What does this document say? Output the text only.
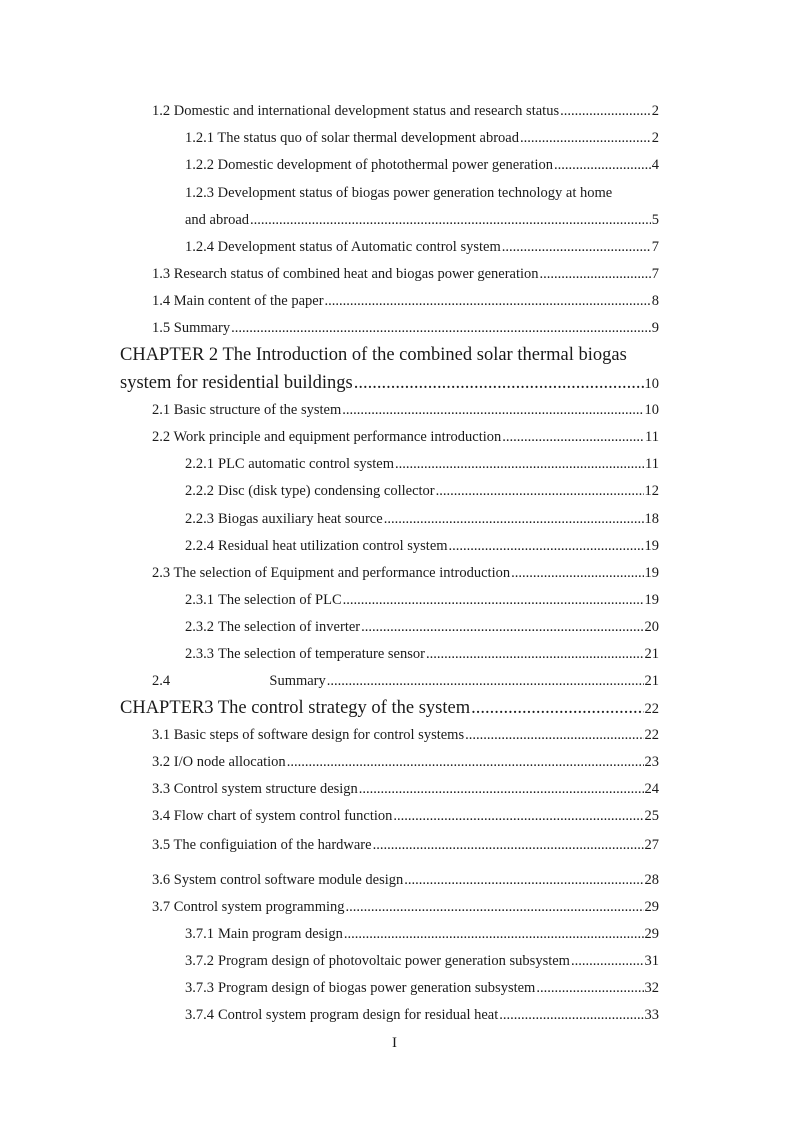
1.2 Domestic and international development status and research status .....	2
1.2.1 The status quo of solar thermal development abroad .....	2
1.2.2 Domestic development of photothermal power generation .....	4
1.2.3 Development status of biogas power generation technology at home
and abroad .....	5
1.2.4 Development status of Automatic control system .....	7
1.3 Research status of combined heat and biogas power generation .....	7
1.4 Main content of the paper .....	8
1.5 Summary .....	9
CHAPTER 2 The Introduction of the combined solar thermal biogas
system for residential buildings .....	10
2.1 Basic structure of the system .....	10
2.2 Work principle and equipment performance introduction .....	11
2.2.1 PLC automatic control system .....	11
2.2.2 Disc (disk type) condensing collector .....	12
2.2.3 Biogas auxiliary heat source .....	18
2.2.4 Residual heat utilization control system .....	19
2.3 The selection of Equipment and performance introduction .....	19
2.3.1 The selection of PLC .....	19
2.3.2 The selection of inverter .....	20
2.3.3 The selection of temperature sensor .....	21
2.4	Summary .....	21
CHAPTER3 The control strategy of the system .....	22
3.1 Basic steps of software design for control systems .....	22
3.2 I/O node allocation .....	23
3.3 Control system structure design .....	24
3.4 Flow chart of system control function .....	25
3.5 The configuiation of the hardware .....	27
3.6 System control software module design .....	28
3.7 Control system programming .....	29
3.7.1 Main program design .....	29
3.7.2 Program design of photovoltaic power generation subsystem .....	31
3.7.3 Program design of biogas power generation subsystem .....	32
3.7.4 Control system program design for residual heat .....	33
I
